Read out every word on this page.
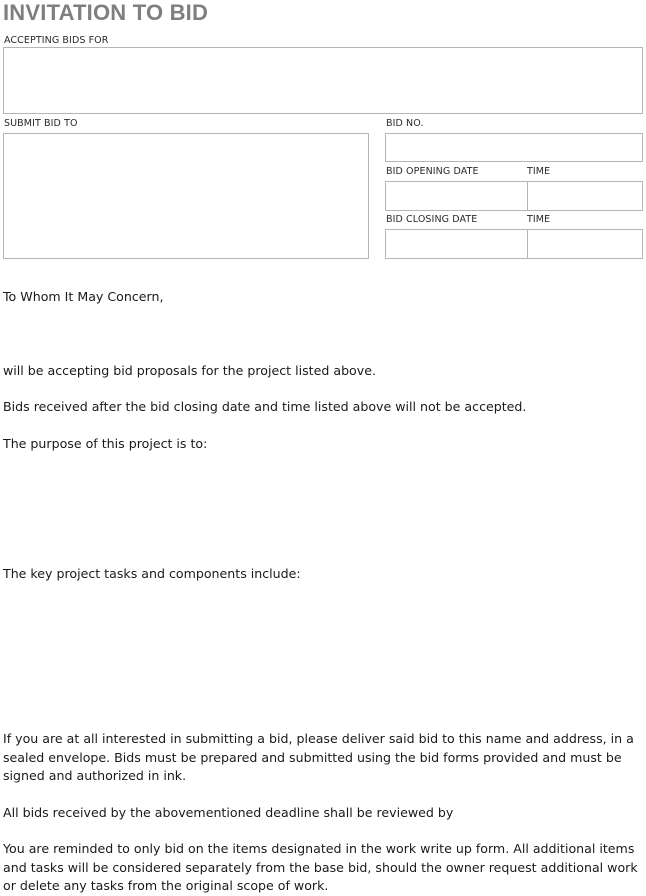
INVITATION TO BID
ACCEPTING BIDS FOR
SUBMIT BID TO	BID NO.
BID OPENING DATE	TIME
BID CLOSING DATE	TIME

To Whom It May Concern,

will be accepting bid proposals for the project listed above.

Bids received after the bid closing date and time listed above will not be accepted.

The purpose of this project is to:

The key project tasks and components include:

If you are at all interested in submitting a bid, please deliver said bid to this name and address, in a sealed envelope. Bids must be prepared and submitted using the bid forms provided and must be signed and authorized in ink.

All bids received by the abovementioned deadline shall be reviewed by

You are reminded to only bid on the items designated in the work write up form. All additional items and tasks will be considered separately from the base bid, should the owner request additional work or delete any tasks from the original scope of work.
